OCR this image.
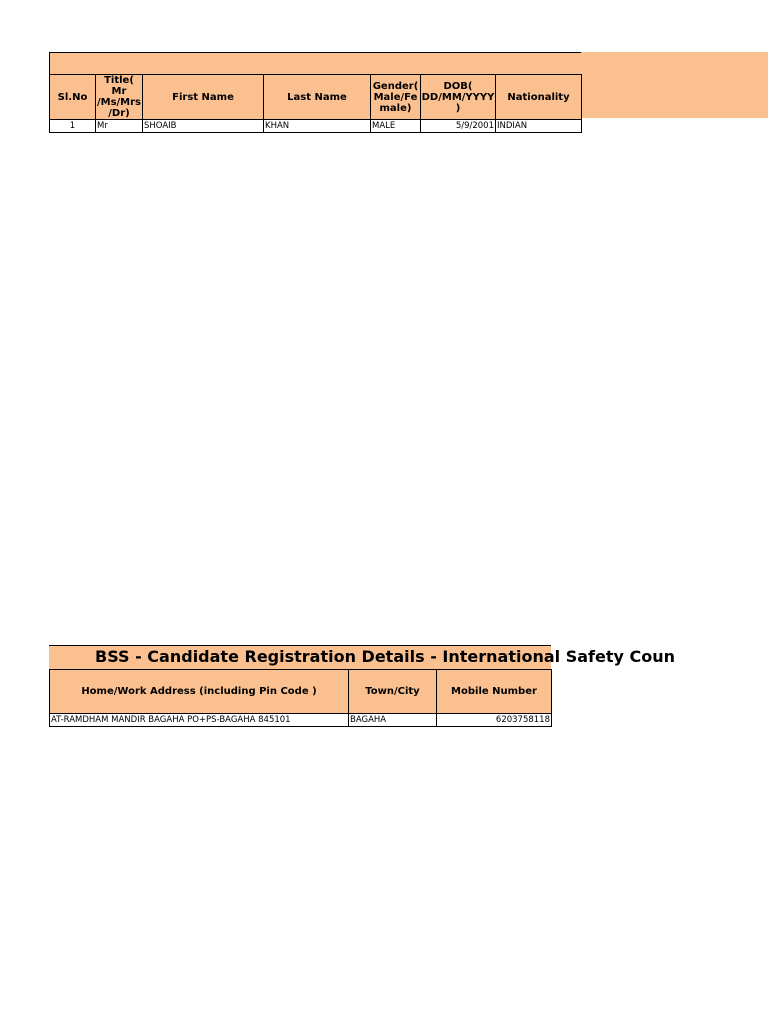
Sl.No	Title( Mr /Ms/Mrs /Dr)	First Name	Last Name	Gender( Male/Fe male)	DOB( DD/MM/YYYY )	Nationality
1	Mr	SHOAIB	KHAN	MALE	5/9/2001	INDIAN
BSS - Candidate Registration Details - International Safety Coun
Home/Work Address (including Pin Code )	Town/City	Mobile Number
AT-RAMDHAM MANDIR BAGAHA PO+PS-BAGAHA 845101	BAGAHA	6203758118
